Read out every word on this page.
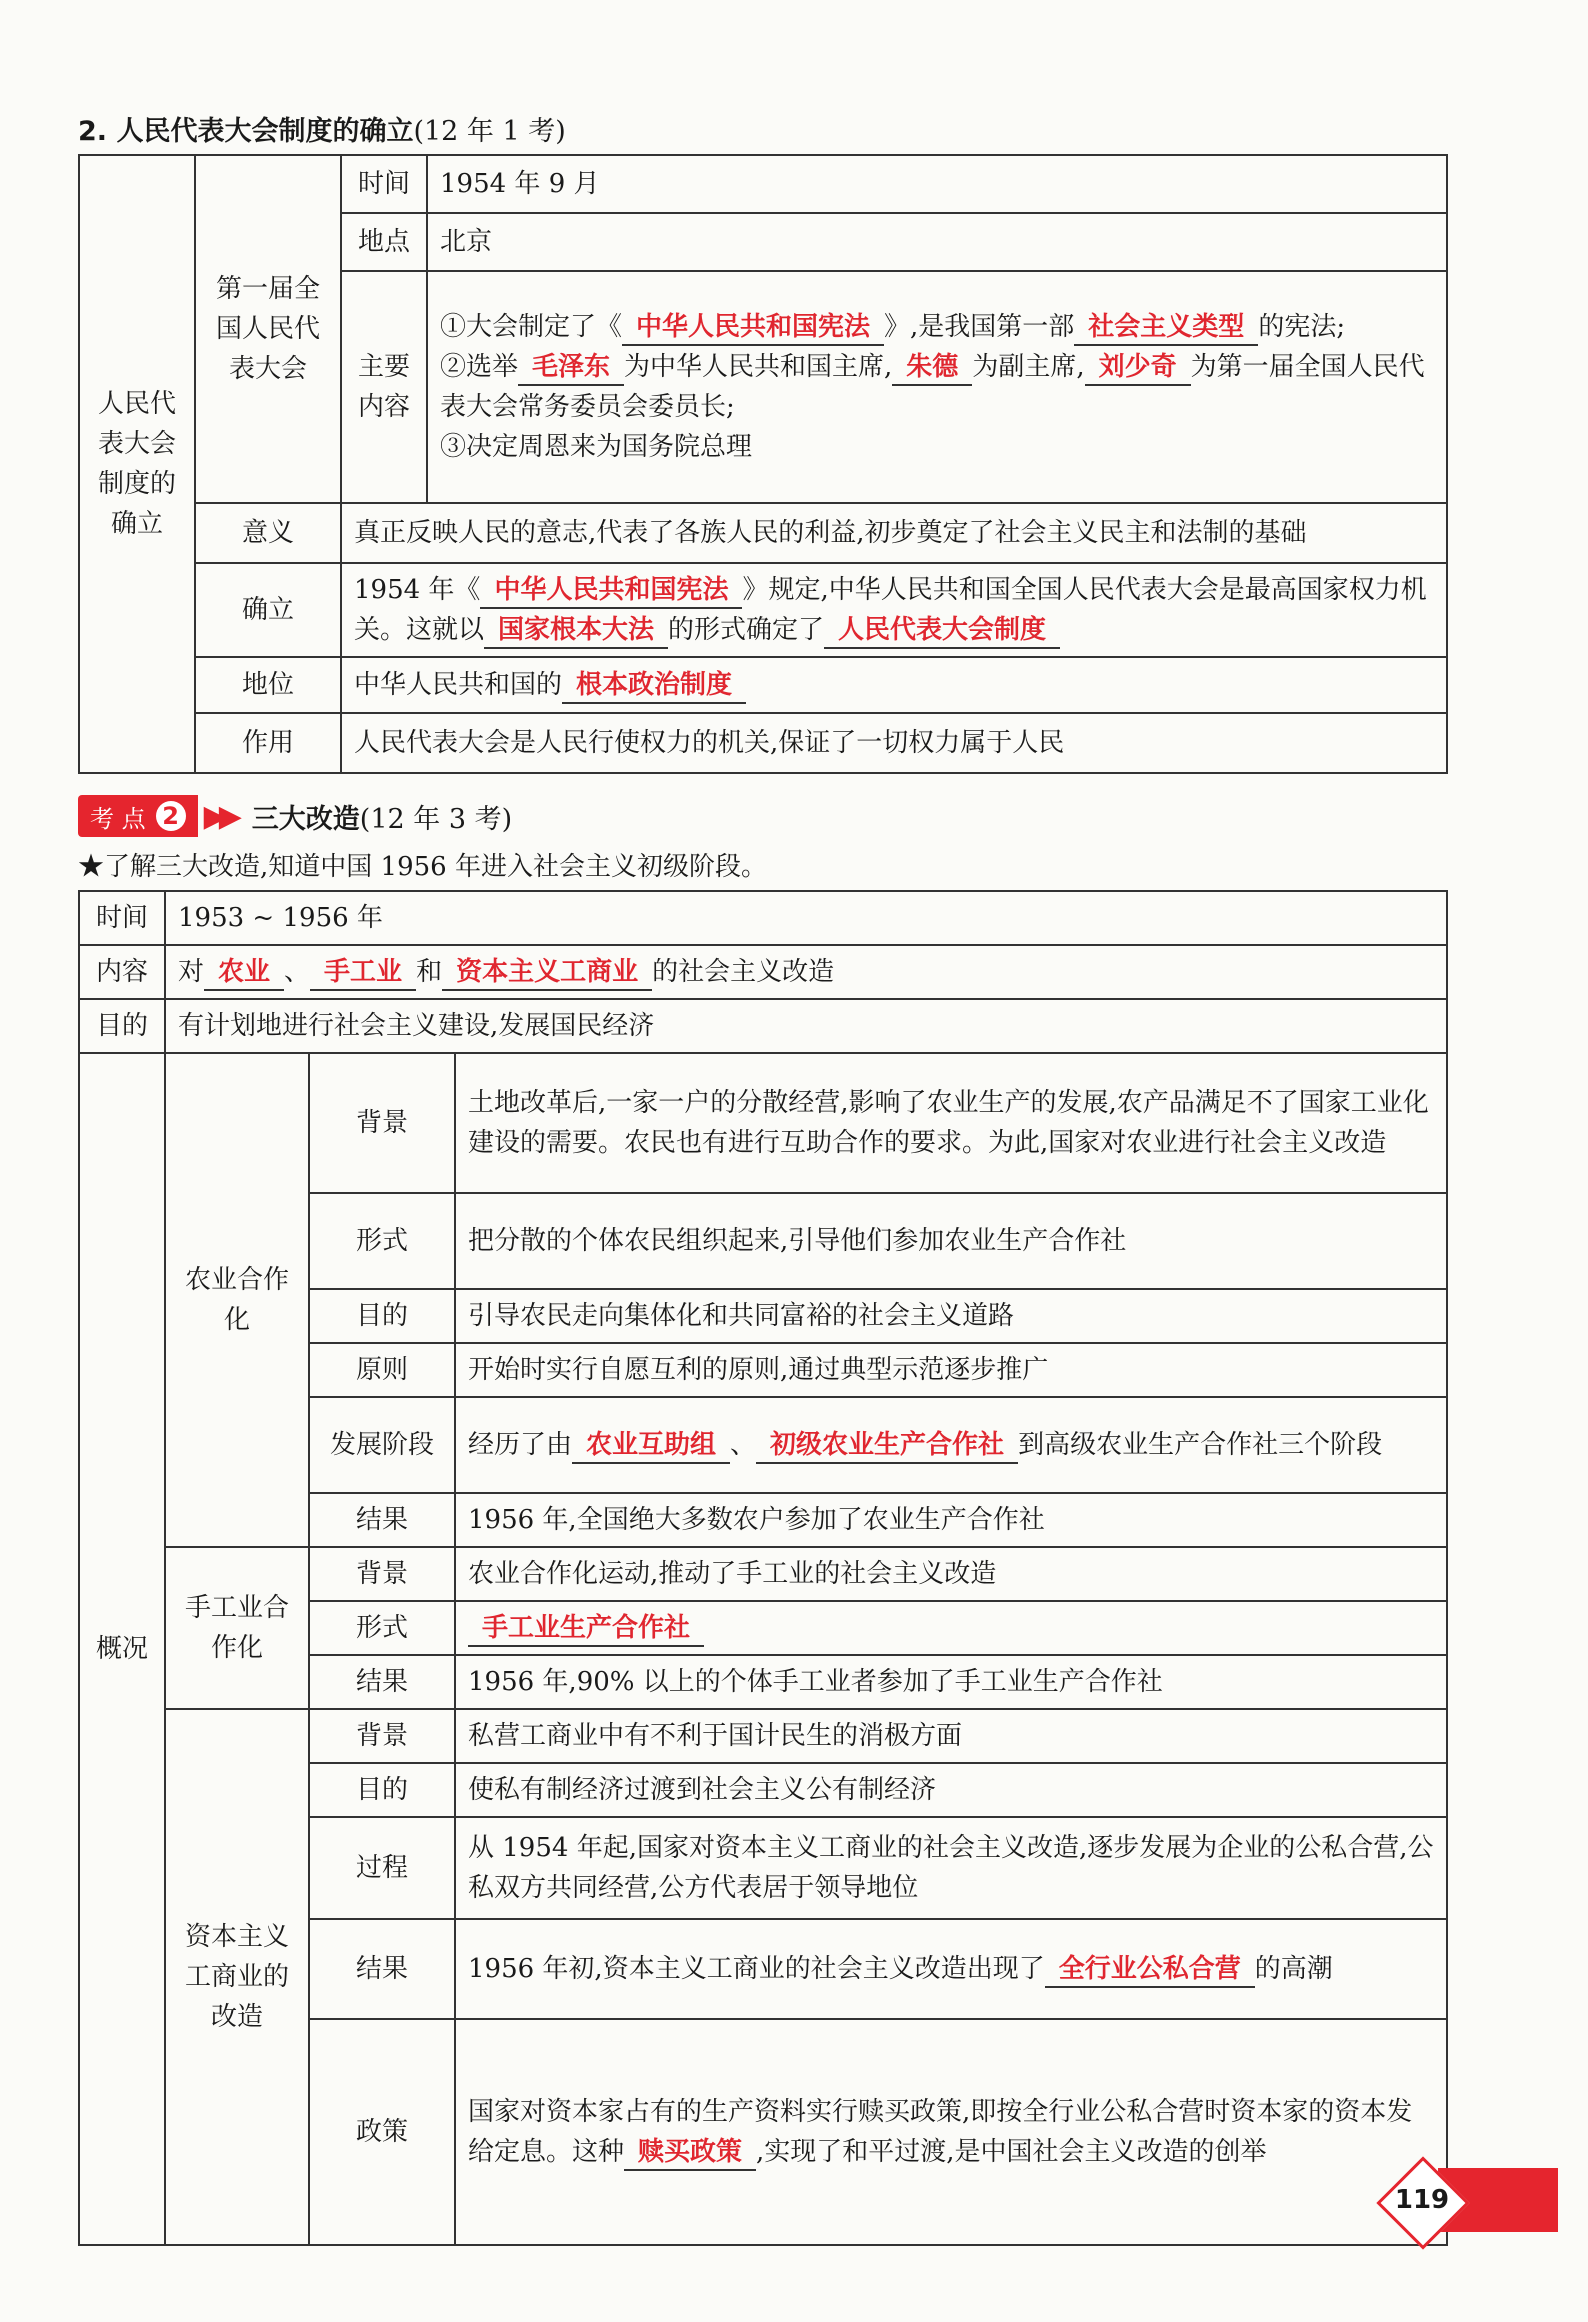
2. 人民代表大会制度的确立(12 年 1 考)
人民代表大会制度的确立	第一届全国人民代表大会	时间	1954 年 9 月
		地点	北京
		主要内容	①大会制定了《 中华人民共和国宪法 》,是我国第一部 社会主义类型 的宪法;
②选举 毛泽东 为中华人民共和国主席, 朱德 为副主席, 刘少奇 为第一届全国人民代表大会常务委员会委员长;
③决定周恩来为国务院总理

	意义	真正反映人民的意志,代表了各族人民的利益,初步奠定了社会主义民主和法制的基础	
	确立	1954 年《 中华人民共和国宪法 》规定,中华人民共和国全国人民代表大会是最高国家权力机关。这就以 国家根本大法 的形式确定了 人民代表大会制度	
	地位	中华人民共和国的 根本政治制度	
	作用	人民代表大会是人民行使权力的机关,保证了一切权力属于人民	
考 点 2 ▶▶ 三大改造(12 年 3 考)
★了解三大改造,知道中国 1956 年进入社会主义初级阶段。
时间	1953 ~ 1956 年		
内容	对 农业 、 手工业 和 资本主义工商业 的社会主义改造		
目的	有计划地进行社会主义建设,发展国民经济		
概况	农业合作化	背景	土地改革后,一家一户的分散经营,影响了农业生产的发展,农产品满足不了国家工业化建设的需要。农民也有进行互助合作的要求。为此,国家对农业进行社会主义改造
		形式	把分散的个体农民组织起来,引导他们参加农业生产合作社
		目的	引导农民走向集体化和共同富裕的社会主义道路
		原则	开始时实行自愿互利的原则,通过典型示范逐步推广
		发展阶段	经历了由 农业互助组 、 初级农业生产合作社 到高级农业生产合作社三个阶段
		结果	1956 年,全国绝大多数农户参加了农业生产合作社
	手工业合作化	背景	农业合作化运动,推动了手工业的社会主义改造
		形式	手工业生产合作社
		结果	1956 年,90% 以上的个体手工业者参加了手工业生产合作社
	资本主义工商业的改造	背景	私营工商业中有不利于国计民生的消极方面
		目的	使私有制经济过渡到社会主义公有制经济
		过程	从 1954 年起,国家对资本主义工商业的社会主义改造,逐步发展为企业的公私合营,公私双方共同经营,公方代表居于领导地位
		结果	1956 年初,资本主义工商业的社会主义改造出现了 全行业公私合营 的高潮
		政策	国家对资本家占有的生产资料实行赎买政策,即按全行业公私合营时资本家的资本发给定息。这种 赎买政策 ,实现了和平过渡,是中国社会主义改造的创举
119
